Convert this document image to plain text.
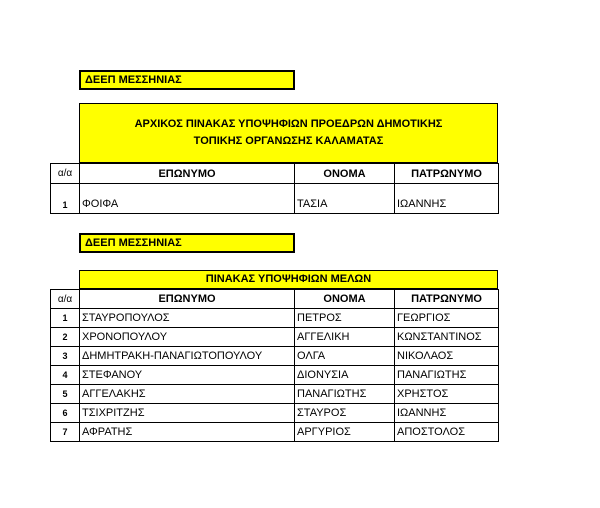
ΔΕΕΠ ΜΕΣΣΗΝΙΑΣ
ΑΡΧΙΚΟΣ ΠΙΝΑΚΑΣ ΥΠΟΨΗΦΙΩΝ ΠΡΟΕΔΡΩΝ ΔΗΜΟΤΙΚΗΣ
ΤΟΠΙΚΗΣ ΟΡΓΑΝΩΣΗΣ ΚΑΛΑΜΑΤΑΣ
α/α	ΕΠΩΝΥΜΟ	ΟΝΟΜΑ	ΠΑΤΡΩΝΥΜΟ
1	ΦΟΙΦΑ	ΤΑΣΙΑ	ΙΩΑΝΝΗΣ
ΔΕΕΠ ΜΕΣΣΗΝΙΑΣ
ΠΙΝΑΚΑΣ ΥΠΟΨΗΦΙΩΝ ΜΕΛΩΝ
α/α	ΕΠΩΝΥΜΟ	ΟΝΟΜΑ	ΠΑΤΡΩΝΥΜΟ
1	ΣΤΑΥΡΟΠΟΥΛΟΣ	ΠΕΤΡΟΣ	ΓΕΩΡΓΙΟΣ
2	ΧΡΟΝΟΠΟΥΛΟΥ	ΑΓΓΕΛΙΚΗ	ΚΩΝΣΤΑΝΤΙΝΟΣ
3	ΔΗΜΗΤΡΑΚΗ-ΠΑΝΑΓΙΩΤΟΠΟΥΛΟΥ	ΟΛΓΑ	ΝΙΚΟΛΑΟΣ
4	ΣΤΕΦΑΝΟΥ	ΔΙΟΝΥΣΙΑ	ΠΑΝΑΓΙΩΤΗΣ
5	ΑΓΓΕΛΑΚΗΣ	ΠΑΝΑΓΙΩΤΗΣ	ΧΡΗΣΤΟΣ
6	ΤΣΙΧΡΙΤΖΗΣ	ΣΤΑΥΡΟΣ	ΙΩΑΝΝΗΣ
7	ΑΦΡΑΤΗΣ	ΑΡΓΥΡΙΟΣ	ΑΠΟΣΤΟΛΟΣ
